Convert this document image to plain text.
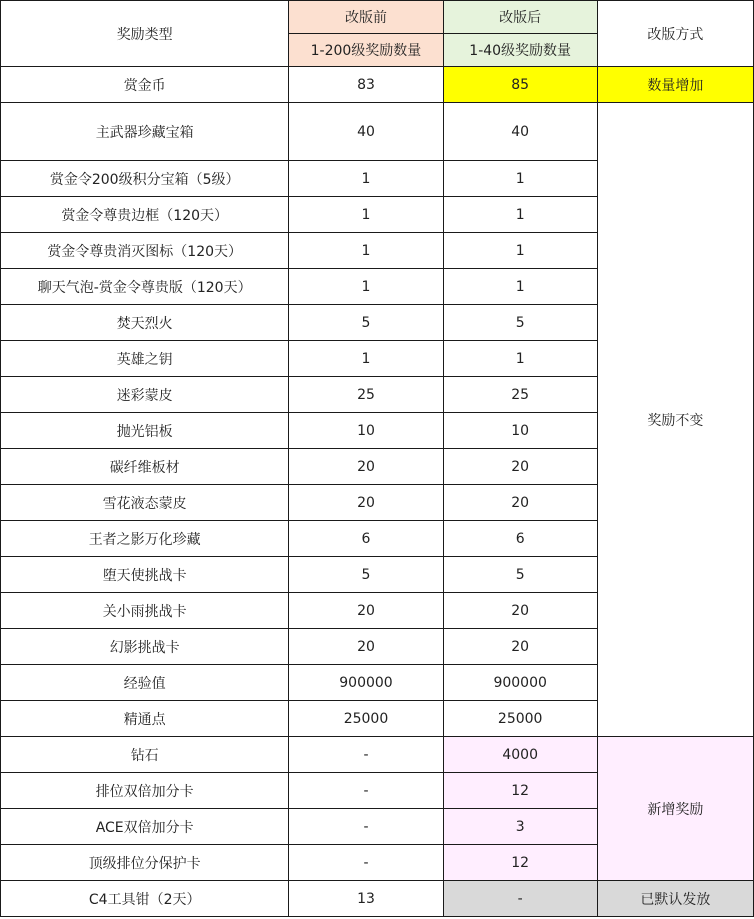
奖励类型	改版前	改版后	改版方式
	1-200级奖励数量	1-40级奖励数量	
赏金币	83	85	数量增加
主武器珍藏宝箱	40	40	奖励不变
赏金令200级积分宝箱（5级）	1	1	
赏金令尊贵边框（120天）	1	1	
赏金令尊贵消灭图标（120天）	1	1	
聊天气泡-赏金令尊贵版（120天）	1	1	
焚天烈火	5	5	
英雄之钥	1	1	
迷彩蒙皮	25	25	
抛光铝板	10	10	
碳纤维板材	20	20	
雪花液态蒙皮	20	20	
王者之影万化珍藏	6	6	
堕天使挑战卡	5	5	
关小雨挑战卡	20	20	
幻影挑战卡	20	20	
经验值	900000	900000	
精通点	25000	25000	
钻石	-	4000	新增奖励
排位双倍加分卡	-	12	
ACE双倍加分卡	-	3	
顶级排位分保护卡	-	12	
C4工具钳（2天）	13	-	已默认发放
